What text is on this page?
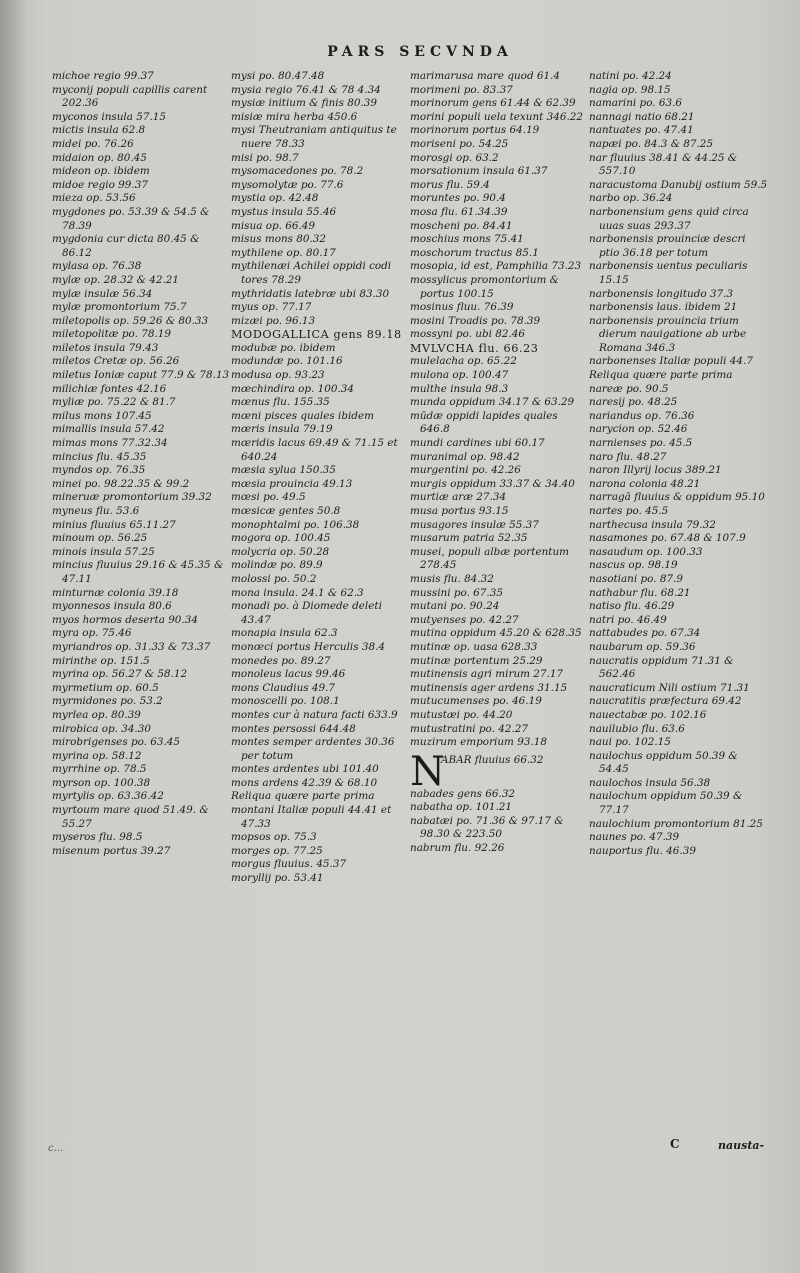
PARS SECVNDA
michoe regio 99.37
myconij populi capillis carent 202.36
myconos insula 57.15
mictis insula 62.8
midei po. 76.26
midaion op. 80.45
mideon op. ibidem
midoe regio 99.37
mieza op. 53.56
mygdones po. 53.39 & 54.5 & 78.39
mygdonia cur dicta 80.45 & 86.12
mylasa op. 76.38
mylæ op. 28.32 & 42.21
mylæ insulæ 56.34
mylæ promontorium 75.7
miletopolis op. 59.26 & 80.33
miletopolitæ po. 78.19
miletos insula 79.43
miletos Cretæ op. 56.26
miletus Ioniæ caput 77.9 & 78.13
milichiæ fontes 42.16
myliæ po. 75.22 & 81.7
milus mons 107.45
mimallis insula 57.42
mimas mons 77.32.34
mincius flu. 45.35
myndos op. 76.35
minei po. 98.22.35 & 99.2
mineruæ promontorium 39.32
myneus flu. 53.6
minius fluuius 65.11.27
minoum op. 56.25
minois insula 57.25
mincius fluuius 29.16 & 45.35 & 47.11
minturnæ colonia 39.18
myonnesos insula 80.6
myos hormos deserta 90.34
myra op. 75.46
myriandros op. 31.33 & 73.37
mirinthe op. 151.5
myrina op. 56.27 & 58.12
myrmetium op. 60.5
myrmidones po. 53.2
myrlea op. 80.39
mirobica op. 34.30
mirobrigenses po. 63.45
myrina op. 58.12
myrrhine op. 78.5
myrson op. 100.38
myrtylis op. 63.36.42
myrtoum mare quod 51.49. & 55.27
myseros flu. 98.5
misenum portus 39.27
mysi po. 80.47.48
mysia regio 76.41 & 78 4.34
mysiæ initium & finis 80.39
misiæ mira herba 450.6
mysi Theutraniam antiquitus te nuere 78.33
misi po. 98.7
mysomacedones po. 78.2
mysomolytæ po. 77.6
mystia op. 42.48
mystus insula 55.46
misua op. 66.49
misus mons 80.32
mythilene op. 80.17
mythilenæi Achilei oppidi codi tores 78.29
mythridatis latebræ ubi 83.30
myus op. 77.17
mizæi po. 96.13
MODOGALLICA gens 89.18
modubæ po. ibidem
modundæ po. 101.16
modusa op. 93.23
mœchindira op. 100.34
mœnus flu. 155.35
mœni pisces quales ibidem
mœris insula 79.19
mœridis lacus 69.49 & 71.15 et 640.24
mæsia sylua 150.35
mœsia prouincia 49.13
mœsi po. 49.5
mœsicæ gentes 50.8
monophtalmi po. 106.38
mogora op. 100.45
molycria op. 50.28
molindæ po. 89.9
molossi po. 50.2
mona insula. 24.1 & 62.3
monadi po. à Diomede deleti 43.47
monapia insula 62.3
monœci portus Herculis 38.4
monedes po. 89.27
monoleus lacus 99.46
mons Claudius 49.7
monoscelli po. 108.1
montes cur à natura facti 633.9
montes persossi 644.48
montes semper ardentes 30.36 per totum
montes ardentes ubi 101.40
mons ardens 42.39 & 68.10
Reliqua quære parte prima
montani Italiæ populi 44.41 et 47.33
mopsos op. 75.3
morges op. 77.25
morgus fluuius. 45.37
moryllij po. 53.41
marimarusa mare quod 61.4
morimeni po. 83.37
morinorum gens 61.44 & 62.39
morini populi uela texunt 346.22
morinorum portus 64.19
moriseni po. 54.25
morosgi op. 63.2
morsationum insula 61.37
morus flu. 59.4
moruntes po. 90.4
mosa flu. 61.34.39
moscheni po. 84.41
moschius mons 75.41
moschorum tractus 85.1
mosopia, id est, Pamphilia 73.23
mossylicus promontorium & portus 100.15
mosinus fluu. 76.39
mosini Troadis po. 78.39
mossyni po. ubi 82.46
MVLVCHA flu. 66.23
mulelacha op. 65.22
mulona op. 100.47
multhe insula 98.3
munda oppidum 34.17 & 63.29
mūdæ oppidi lapides quales 646.8
mundi cardines ubi 60.17
muranimal op. 98.42
murgentini po. 42.26
murgis oppidum 33.37 & 34.40
murtiæ aræ 27.34
musa portus 93.15
musagores insulæ 55.37
musarum patria 52.35
musei, populi albæ portentum 278.45
musis flu. 84.32
mussini po. 67.35
mutani po. 90.24
mutyenses po. 42.27
mutina oppidum 45.20 & 628.35
mutinæ op. uasa 628.33
mutinæ portentum 25.29
mutinensis agri mirum 27.17
mutinensis ager ardens 31.15
mutucumenses po. 46.19
mutustæi po. 44.20
mutustratini po. 42.27
muzirum emporium 93.18
N
ABAR fluuius 66.32
nabades gens 66.32
nabatha op. 101.21
nabatæi po. 71.36 & 97.17 & 98.30 & 223.50
nabrum flu. 92.26
natini po. 42.24
nagia op. 98.15
namarini po. 63.6
nannagi natio 68.21
nantuates po. 47.41
napæi po. 84.3 & 87.25
nar fluuius 38.41 & 44.25 & 557.10
naracustoma Danubij ostium 59.5
narbo op. 36.24
narbonensium gens quid circa uuas suas 293.37
narbonensis prouinciæ descri ptio 36.18 per totum
narbonensis uentus peculiaris 15.15
narbonensis longitudo 37.3
narbonensis laus. ibidem 21
narbonensis prouincia trium dierum nauigatione ab urbe Romana 346.3
narbonenses Italiæ populi 44.7
Reliqua quære parte prima
nareæ po. 90.5
naresij po. 48.25
nariandus op. 76.36
narycion op. 52.46
narnienses po. 45.5
naro flu. 48.27
naron Illyrij locus 389.21
narona colonia 48.21
narragā fluuius & oppidum 95.10
nartes po. 45.5
narthecusa insula 79.32
nasamones po. 67.48 & 107.9
nasaudum op. 100.33
nascus op. 98.19
nasotiani po. 87.9
nathabur flu. 68.21
natiso flu. 46.29
natri po. 46.49
nattabudes po. 67.34
naubarum op. 59.36
naucratis oppidum 71.31 & 562.46
naucraticum Nili ostium 71.31
naucratitis præfectura 69.42
nauectabæ po. 102.16
nauilubio flu. 63.6
naui po. 102.15
naulochus oppidum 50.39 & 54.45
naulochos insula 56.38
naulochum oppidum 50.39 & 77.17
naulochium promontorium 81.25
naunes po. 47.39
nauportus flu. 46.39
c...	C	nausta-
